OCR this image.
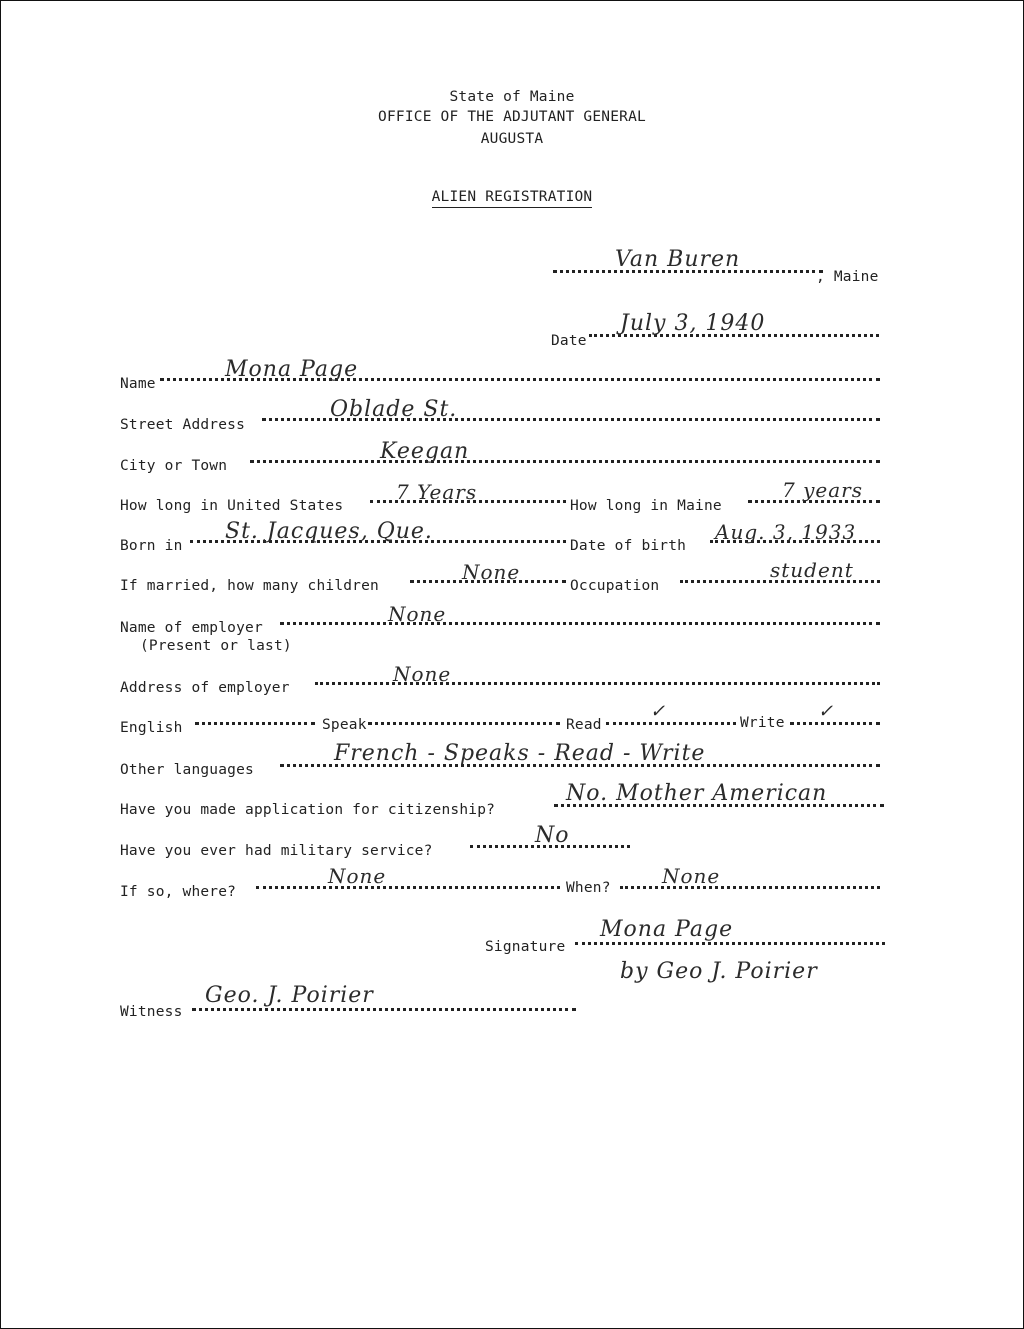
State of Maine
OFFICE OF THE ADJUTANT GENERAL
AUGUSTA
ALIEN REGISTRATION
Van Buren
, Maine
Date
July 3, 1940
Name
Mona Page
Street Address
Oblade St.
City or Town
Keegan
How long in United States
7 Years
How long in Maine
7 years
Born in
St. Jacques, Que.
Date of birth
Aug. 3, 1933
If married, how many children
None
Occupation
student
Name of employer
None
(Present or last)
Address of employer
None
English	Speak	Read
✓
Write
✓
Other languages
French - Speaks - Read - Write
Have you made application for citizenship?
No. Mother American
Have you ever had military service?
No
If so, where?
None	When?	None
Signature
Mona Page
by Geo J. Poirier
Witness
Geo. J. Poirier
